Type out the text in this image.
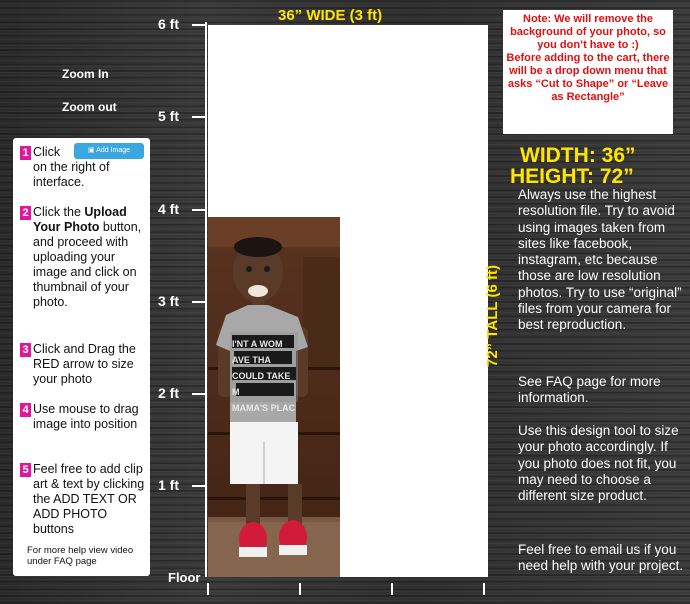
6 ft
5 ft
4 ft
3 ft
2 ft
1 ft
Floor
Zoom In
Zoom out
36” WIDE (3 ft)
I'NT A WOM
AVE THA
COULD TAKE M
MAMA'S PLAC
72” TALL (6 ft)
Note: We will remove the background of your photo, so you don’t have to :)
Before adding to the cart, there will be a drop down menu that asks “Cut to Shape” or “Leave as Rectangle”
WIDTH: 36”
HEIGHT: 72”
Always use the highest resolution file. Try to avoid using images taken from sites like facebook, instagram, etc because those are low resolution photos. Try to use “original” files from your camera for best reproduction.
See FAQ page for more information.
Use this design tool to size your photo accordingly. If you photo does not fit, you may need to choose a different size product.
Feel free to email us if you need help with your project.
1 Click
on the right of interface.
▣ Add Image
2 Click the Upload Your Photo button, and proceed with uploading your image and click on thumbnail of your photo.
3 Click and Drag the RED arrow to size your photo
4 Use mouse to drag image into position
5 Feel free to add clip art & text by clicking the ADD TEXT OR ADD PHOTO buttons
For more help view video under FAQ page
